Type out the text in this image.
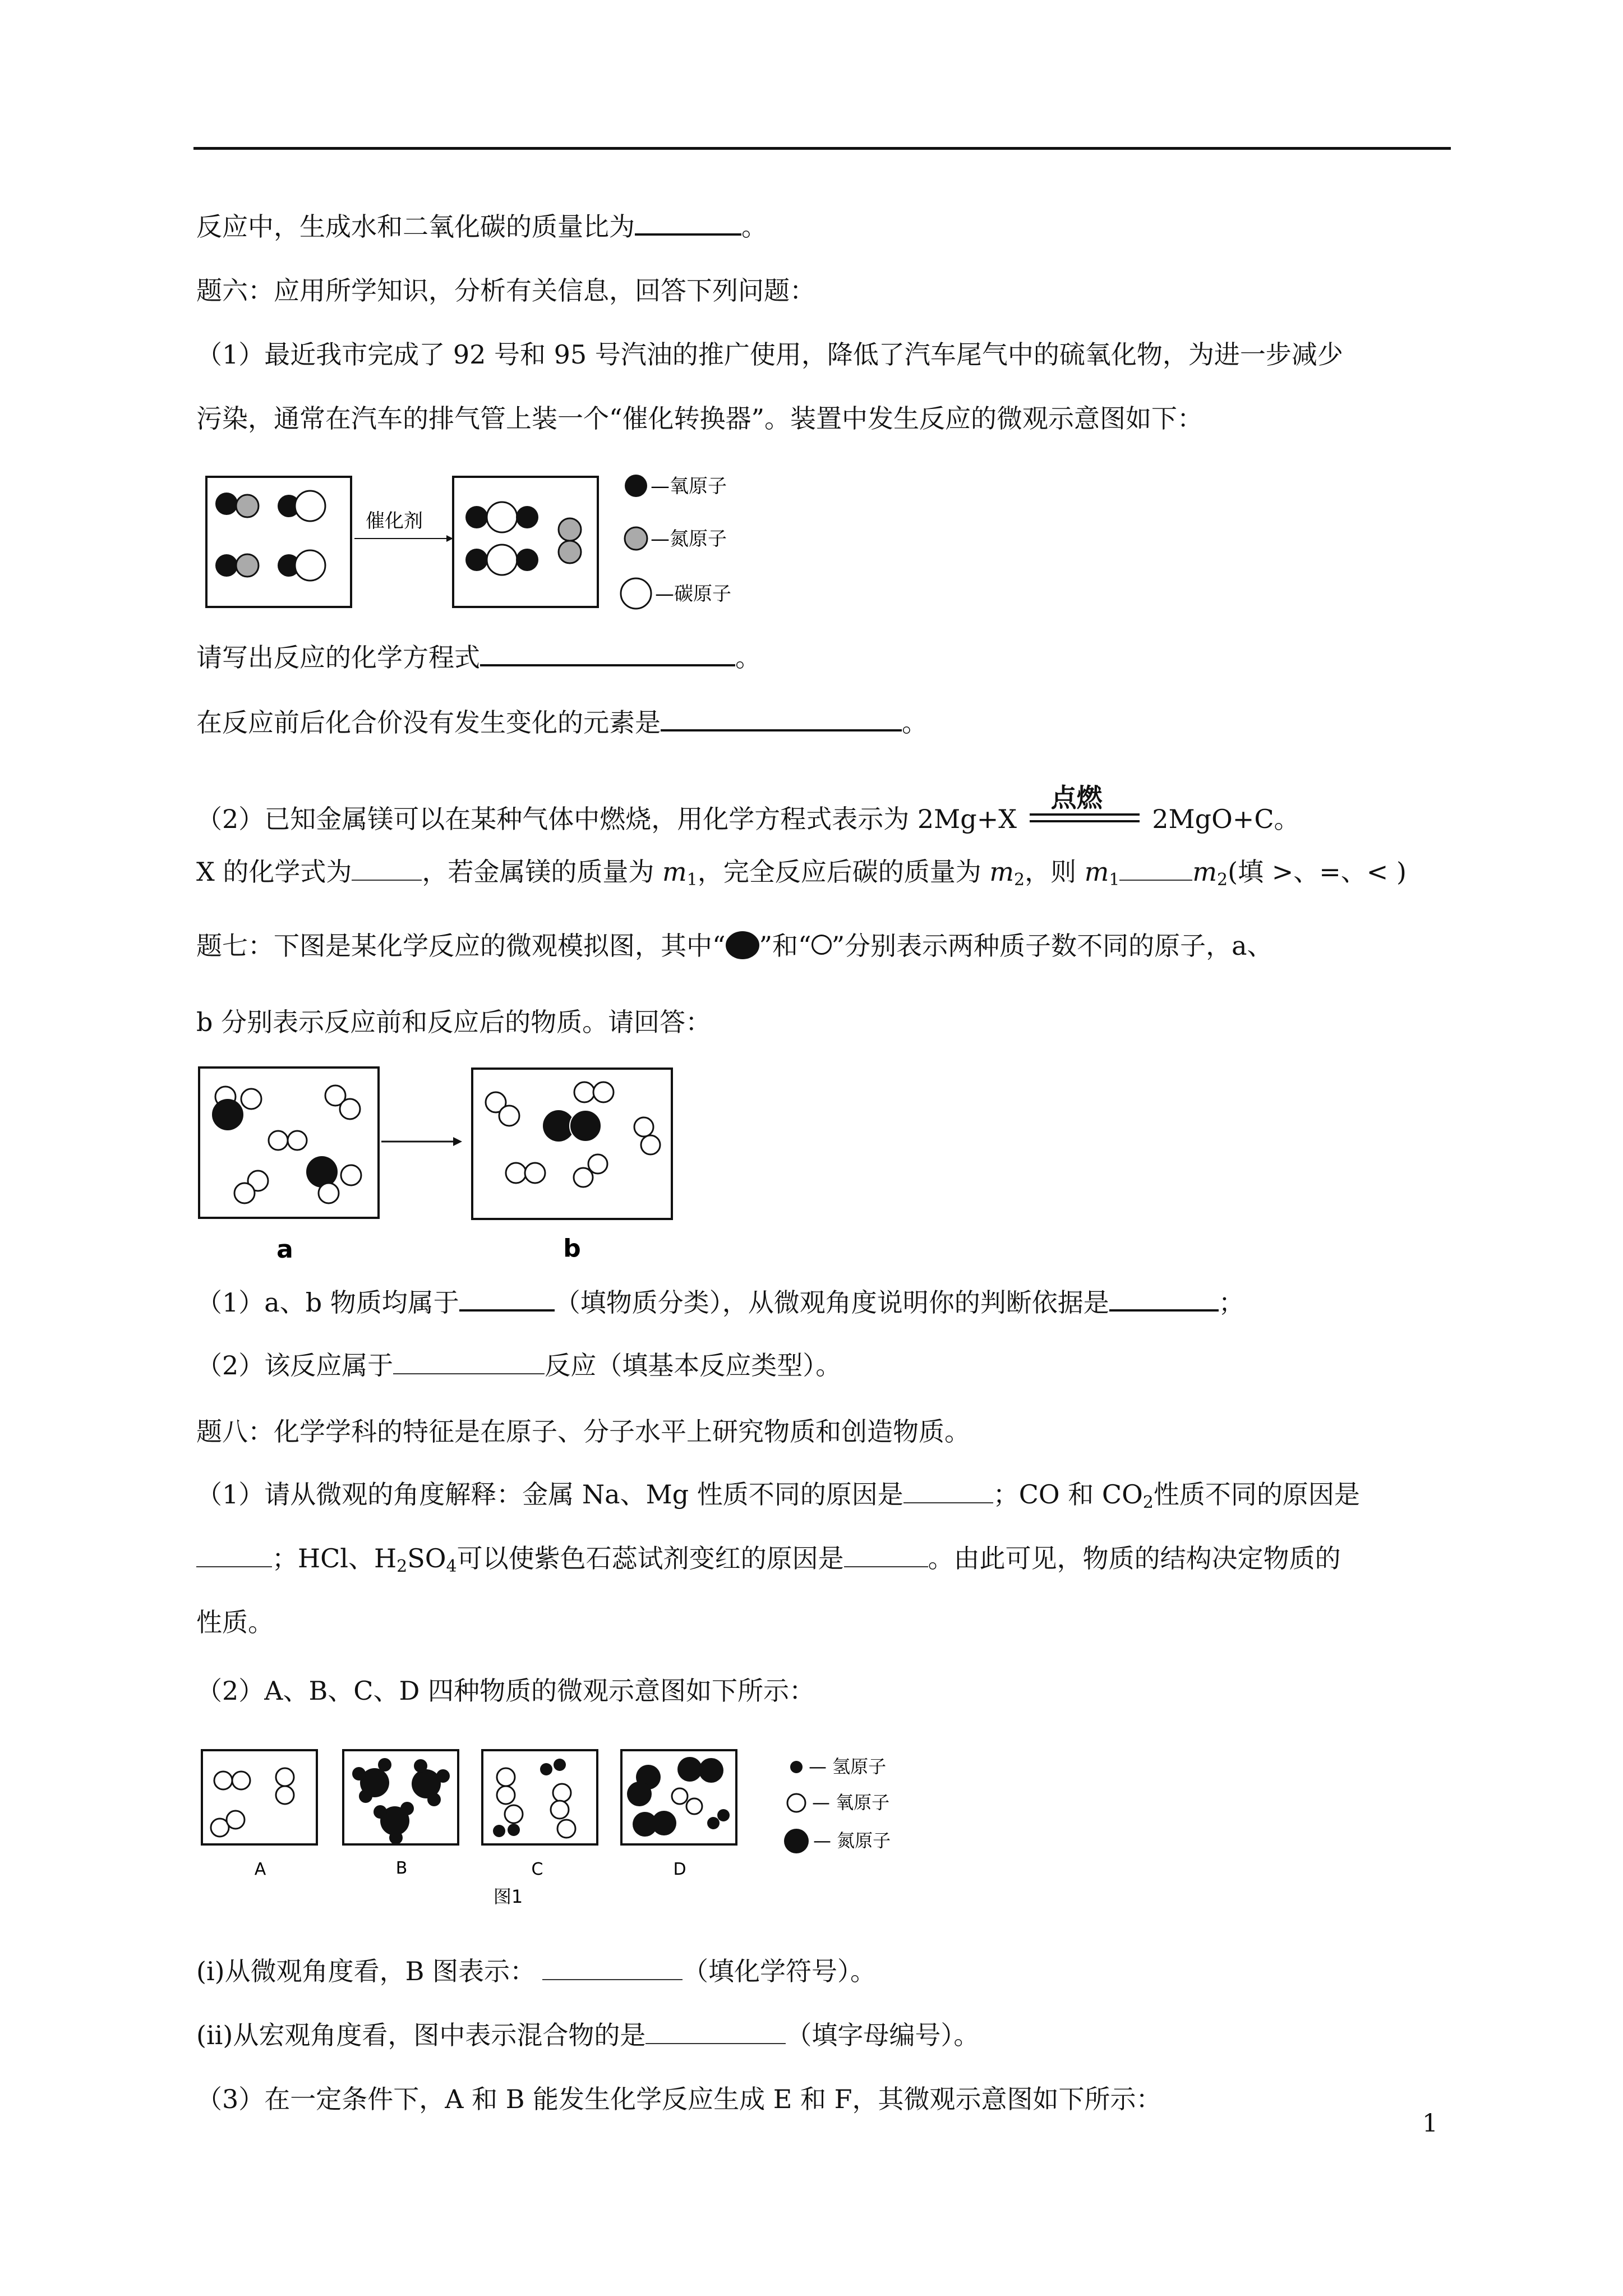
反应中，生成水和二氧化碳的质量比为	。
题六：应用所学知识，分析有关信息，回答下列问题：
（1）最近我市完成了 92 号和 95 号汽油的推广使用，降低了汽车尾气中的硫氧化物，为进一步减少
污染，通常在汽车的排气管上装一个“催化转换器”。装置中发生反应的微观示意图如下：
催化剂
—氧原子
—氮原子
—碳原子
请写出反应的化学方程式	。
在反应前后化合价没有发生变化的元素是	。
（2）已知金属镁可以在某种气体中燃烧，用化学方程式表示为 2Mg+X
点燃
2MgO+C。
X 的化学式为	，若金属镁的质量为 $m_1$，完全反应后碳的质量为 $m_2$，则 $m_1$	$m_2$(填 >、=、< )
题七：下图是某化学反应的微观模拟图，其中“ ”和“ ”分别表示两种质子数不同的原子，a、
b 分别表示反应前和反应后的物质。请回答：
a	b
（1）a、b 物质均属于	（填物质分类），从微观角度说明你的判断依据是	；
（2）该反应属于	反应（填基本反应类型）。
题八：化学学科的特征是在原子、分子水平上研究物质和创造物质。
（1）请从微观的角度解释：金属 Na、Mg 性质不同的原因是	；CO 和 $CO_2$性质不同的原因是
；HCl、$H_2SO_4$可以使紫色石蕊试剂变红的原因是	。由此可见，物质的结构决定物质的
性质。
（2）A、B、C、D 四种物质的微观示意图如下所示：
A	B	C	D
图1
— 氢原子
— 氧原子
— 氮原子
(i)从微观角度看，B 图表示：	（填化学符号）。
(ii)从宏观角度看，图中表示混合物的是	（填字母编号）。
（3）在一定条件下，A 和 B 能发生化学反应生成 E 和 F，其微观示意图如下所示：
1
